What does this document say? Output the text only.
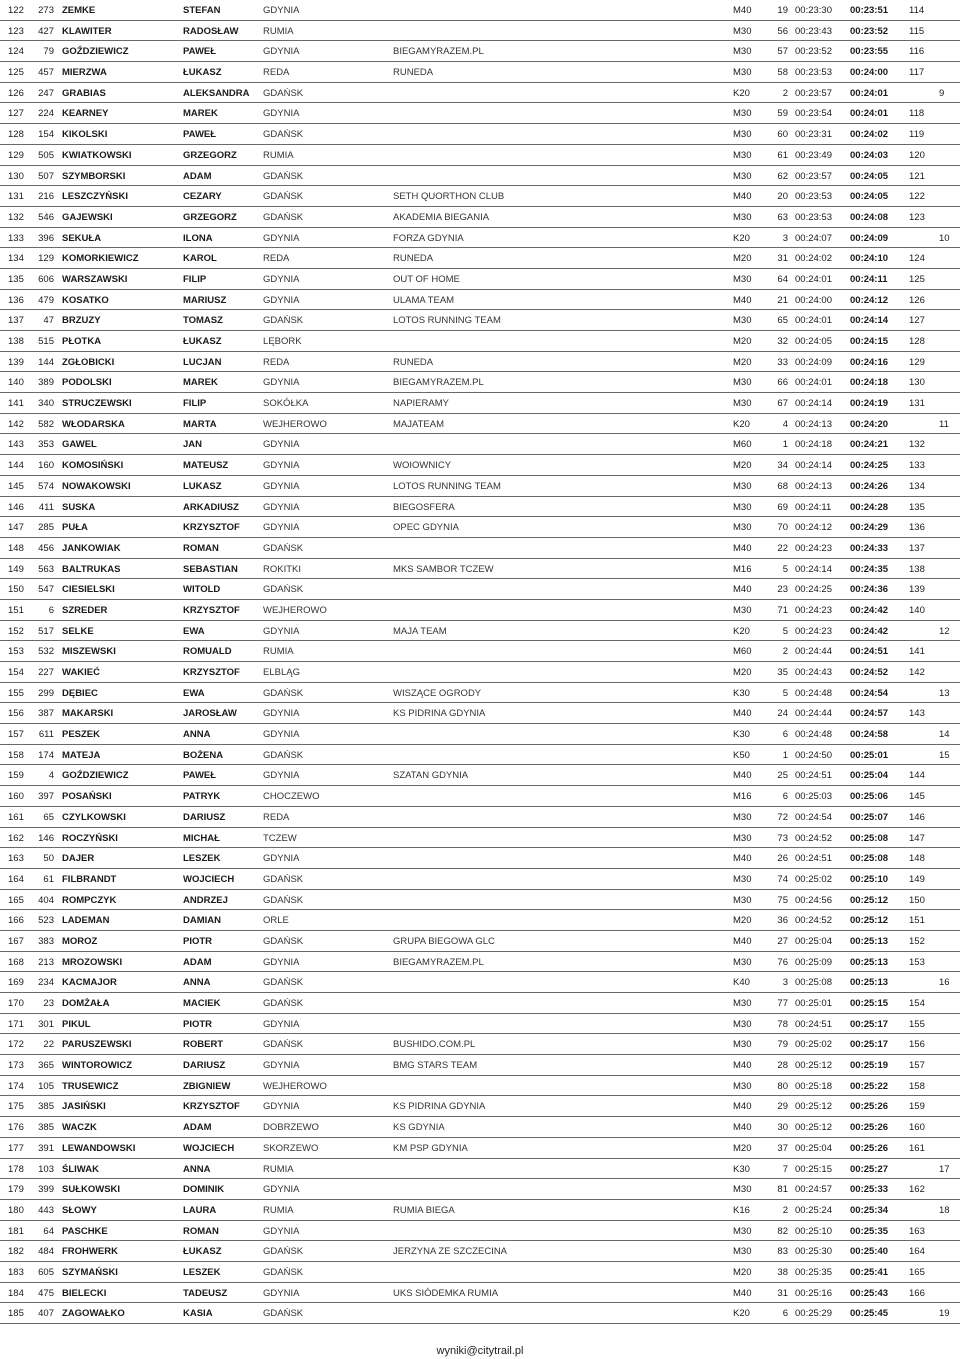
122	273 ZEMKE	STEFAN	GDYNIA	M40	19 00:23:30 00:23:51 114
123	427 KLAWITER	RADOSŁAW	RUMIA	M30	56 00:23:43 00:23:52 115
124	79 GOŹDZIEWICZ	PAWEŁ	GDYNIA	BIEGAMYRAZEM.PL	M30	57 00:23:52 00:23:55 116
125	457 MIERZWA	ŁUKASZ	REDA	RUNEDA	M30	58 00:23:53 00:24:00 117
126	247 GRABIAS	ALEKSANDRA GDAŃSK	K20	2 00:23:57 00:24:01	9
127	224 KEARNEY	MAREK	GDYNIA	M30	59 00:23:54 00:24:01 118
128	154 KIKOLSKI	PAWEŁ	GDAŃSK	M30	60 00:23:31 00:24:02 119
129	505 KWIATKOWSKI	GRZEGORZ	RUMIA	M30	61 00:23:49 00:24:03 120
130	507 SZYMBORSKI	ADAM	GDAŃSK	M30	62 00:23:57 00:24:05 121
131	216 LESZCZYŃSKI	CEZARY	GDAŃSK	SETH QUORTHON CLUB	M40	20 00:23:53 00:24:05 122
132	546 GAJEWSKI	GRZEGORZ	GDAŃSK	AKADEMIA BIEGANIA	M30	63 00:23:53 00:24:08 123
133	396 SEKUŁA	ILONA	GDYNIA	FORZA GDYNIA	K20	3 00:24:07 00:24:09	10
134	129 KOMORKIEWICZ	KAROL	REDA	RUNEDA	M20	31 00:24:02 00:24:10 124
135	606 WARSZAWSKI	FILIP	GDYNIA	OUT OF HOME	M30	64 00:24:01 00:24:11 125
136	479 KOSATKO	MARIUSZ	GDYNIA	ULAMA TEAM	M40	21 00:24:00 00:24:12 126
137	47 BRZUZY	TOMASZ	GDAŃSK	LOTOS RUNNING TEAM	M30	65 00:24:01 00:24:14 127
138	515 PŁOTKA	ŁUKASZ	LĘBORK	M20	32 00:24:05 00:24:15 128
139	144 ZGŁOBICKI	LUCJAN	REDA	RUNEDA	M20	33 00:24:09 00:24:16 129
140	389 PODOLSKI	MAREK	GDYNIA	BIEGAMYRAZEM.PL	M30	66 00:24:01 00:24:18 130
141	340 STRUCZEWSKI	FILIP	SOKÓŁKA	NAPIERAMY	M30	67 00:24:14 00:24:19 131
142	582 WŁODARSKA	MARTA	WEJHEROWO	MAJATEAM	K20	4 00:24:13 00:24:20	11
143	353 GAWEL	JAN	GDYNIA	M60	1 00:24:18 00:24:21 132
144	160 KOMOSIŃSKI	MATEUSZ	GDYNIA	WOIOWNICY	M20	34 00:24:14 00:24:25 133
145	574 NOWAKOWSKI	LUKASZ	GDYNIA	LOTOS RUNNING TEAM	M30	68 00:24:13 00:24:26 134
146	411 SUSKA	ARKADIUSZ	GDYNIA	BIEGOSFERA	M30	69 00:24:11 00:24:28 135
147	285 PUŁA	KRZYSZTOF GDYNIA	OPEC GDYNIA	M30	70 00:24:12 00:24:29 136
148	456 JANKOWIAK	ROMAN	GDAŃSK	M40	22 00:24:23 00:24:33 137
149	563 BALTRUKAS	SEBASTIAN	ROKITKI	MKS SAMBOR TCZEW	M16	5 00:24:14 00:24:35 138
150	547 CIESIELSKI	WITOLD	GDAŃSK	M40	23 00:24:25 00:24:36 139
151	6 SZREDER	KRZYSZTOF WEJHEROWO	M30	71 00:24:23 00:24:42 140
152	517 SELKE	EWA	GDYNIA	MAJA TEAM	K20	5 00:24:23 00:24:42	12
153	532 MISZEWSKI	ROMUALD	RUMIA	M60	2 00:24:44 00:24:51 141
154	227 WAKIEĆ	KRZYSZTOF ELBLĄG	M20	35 00:24:43 00:24:52 142
155	299 DĘBIEC	EWA	GDAŃSK	WISZĄCE OGRODY	K30	5 00:24:48 00:24:54	13
156	387 MAKARSKI	JAROSŁAW	GDYNIA	KS PIDRINA GDYNIA	M40	24 00:24:44 00:24:57 143
157	611 PESZEK	ANNA	GDYNIA	K30	6 00:24:48 00:24:58	14
158	174 MATEJA	BOŻENA	GDAŃSK	K50	1 00:24:50 00:25:01	15
159	4 GOŹDZIEWICZ	PAWEŁ	GDYNIA	SZATAN GDYNIA	M40	25 00:24:51 00:25:04 144
160	397 POSAŃSKI	PATRYK	CHOCZEWO	M16	6 00:25:03 00:25:06 145
161	65 CZYLKOWSKI	DARIUSZ	REDA	M30	72 00:24:54 00:25:07 146
162	146 ROCZYŃSKI	MICHAŁ	TCZEW	M30	73 00:24:52 00:25:08 147
163	50 DAJER	LESZEK	GDYNIA	M40	26 00:24:51 00:25:08 148
164	61 FILBRANDT	WOJCIECH	GDAŃSK	M30	74 00:25:02 00:25:10 149
165	404 ROMPCZYK	ANDRZEJ	GDAŃSK	M30	75 00:24:56 00:25:12 150
166	523 LADEMAN	DAMIAN	ORLE	M20	36 00:24:52 00:25:12 151
167	383 MOROZ	PIOTR	GDAŃSK	GRUPA BIEGOWA GLC	M40	27 00:25:04 00:25:13 152
168	213 MROZOWSKI	ADAM	GDYNIA	BIEGAMYRAZEM.PL	M30	76 00:25:09 00:25:13 153
169	234 KACMAJOR	ANNA	GDAŃSK	K40	3 00:25:08 00:25:13	16
170	23 DOMŻAŁA	MACIEK	GDAŃSK	M30	77 00:25:01 00:25:15 154
171	301 PIKUL	PIOTR	GDYNIA	M30	78 00:24:51 00:25:17 155
172	22 PARUSZEWSKI	ROBERT	GDAŃSK	BUSHIDO.COM.PL	M30	79 00:25:02 00:25:17 156
173	365 WINTOROWICZ	DARIUSZ	GDYNIA	BMG STARS TEAM	M40	28 00:25:12 00:25:19 157
174	105 TRUSEWICZ	ZBIGNIEW	WEJHEROWO	M30	80 00:25:18 00:25:22 158
175	385 JASIŃSKI	KRZYSZTOF GDYNIA	KS PIDRINA GDYNIA	M40	29 00:25:12 00:25:26 159
176	385 WACZK	ADAM	DOBRZEWO	KS GDYNIA	M40	30 00:25:12 00:25:26 160
177	391 LEWANDOWSKI	WOJCIECH	SKORZEWO	KM PSP GDYNIA	M20	37 00:25:04 00:25:26 161
178	103 ŚLIWAK	ANNA	RUMIA	K30	7 00:25:15 00:25:27	17
179	399 SUŁKOWSKI	DOMINIK	GDYNIA	M30	81 00:24:57 00:25:33 162
180	443 SŁOWY	LAURA	RUMIA	RUMIA BIEGA	K16	2 00:25:24 00:25:34	18
181	64 PASCHKE	ROMAN	GDYNIA	M30	82 00:25:10 00:25:35 163
182	484 FROHWERK	ŁUKASZ	GDAŃSK	JERZYNA ZE SZCZECINA	M30	83 00:25:30 00:25:40 164
183	605 SZYMAŃSKI	LESZEK	GDAŃSK	M20	38 00:25:35 00:25:41 165
184	475 BIELECKI	TADEUSZ	GDYNIA	UKS SIÓDEMKA RUMIA	M40	31 00:25:16 00:25:43 166
185	407 ZAGOWAŁKO	KASIA	GDAŃSK	K20	6 00:25:29 00:25:45	19
wyniki@citytrail.pl
